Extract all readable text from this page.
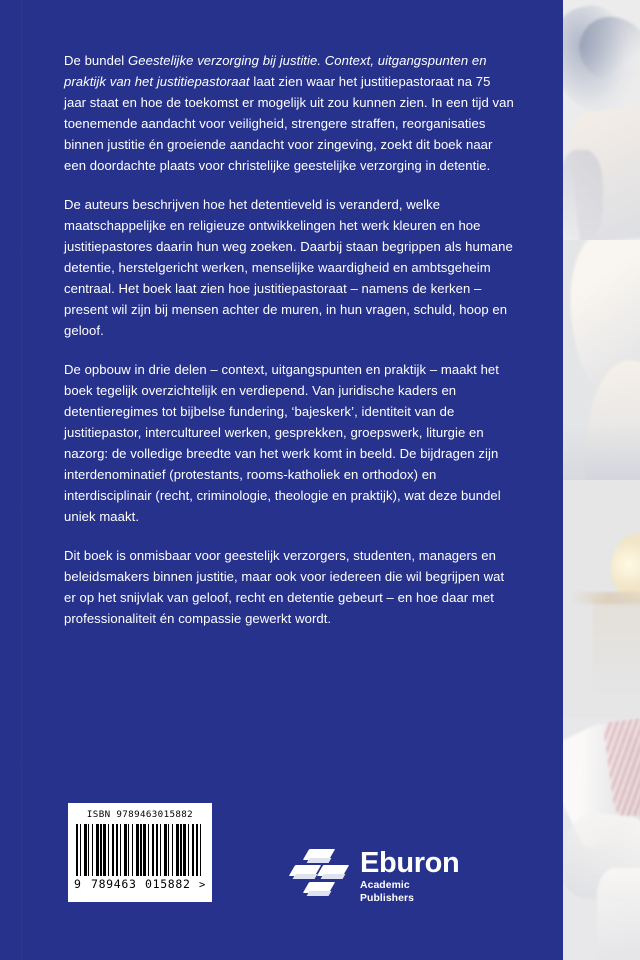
De bundel Geestelijke verzorging bij justitie. Context, uitgangspunten en praktijk van het justitiepastoraat laat zien waar het justitiepastoraat na 75 jaar staat en hoe de toekomst er mogelijk uit zou kunnen zien. In een tijd van toenemende aandacht voor veiligheid, strengere straffen, reorganisaties binnen justitie én groeiende aandacht voor zingeving, zoekt dit boek naar een doordachte plaats voor christelijke geestelijke verzorging in detentie.

De auteurs beschrijven hoe het detentieveld is veranderd, welke maatschappelijke en religieuze ontwikkelingen het werk kleuren en hoe justitiepastores daarin hun weg zoeken. Daarbij staan begrippen als humane detentie, herstelgericht werken, menselijke waardigheid en ambtsgeheim centraal. Het boek laat zien hoe justitiepastoraat – namens de kerken – present wil zijn bij mensen achter de muren, in hun vragen, schuld, hoop en geloof.

De opbouw in drie delen – context, uitgangspunten en praktijk – maakt het boek tegelijk overzichtelijk en verdiepend. Van juridische kaders en detentieregimes tot bijbelse fundering, ‘bajeskerk’, identiteit van de justitiepastor, intercultureel werken, gesprekken, groepswerk, liturgie en nazorg: de volledige breedte van het werk komt in beeld. De bijdragen zijn interdenominatief (protestants, rooms-katholiek en orthodox) en interdisciplinair (recht, criminologie, theologie en praktijk), wat deze bundel uniek maakt.

Dit boek is onmisbaar voor geestelijk verzorgers, studenten, managers en beleidsmakers binnen justitie, maar ook voor iedereen die wil begrijpen wat er op het snijvlak van geloof, recht en detentie gebeurt – en hoe daar met professionaliteit én compassie gewerkt wordt.

ISBN 9789463015882
9 789463 015882 >
Eburon
Academic Publishers
